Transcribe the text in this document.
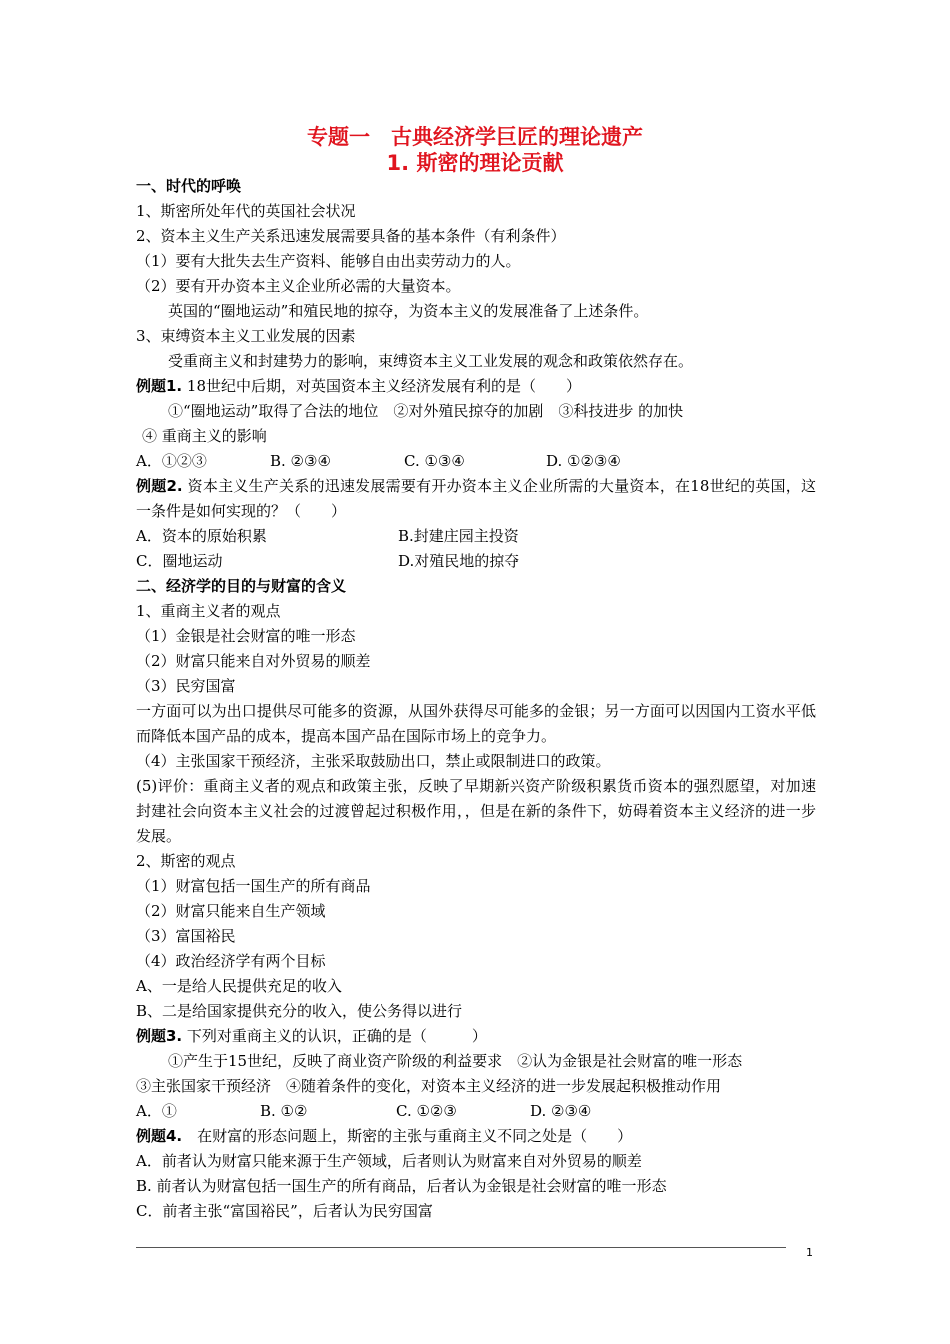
专题一　古典经济学巨匠的理论遗产
1. 斯密的理论贡献
一、时代的呼唤
1、斯密所处年代的英国社会状况
2、资本主义生产关系迅速发展需要具备的基本条件（有利条件）
（1）要有大批失去生产资料、能够自由出卖劳动力的人。
（2）要有开办资本主义企业所必需的大量资本。
英国的“圈地运动”和殖民地的掠夺，为资本主义的发展准备了上述条件。
3、束缚资本主义工业发展的因素
受重商主义和封建势力的影响，束缚资本主义工业发展的观念和政策依然存在。
例题1. 18世纪中后期，对英国资本主义经济发展有利的是（　　）
①“圈地运动”取得了合法的地位　②对外殖民掠夺的加剧　③科技进步 的加快
④ 重商主义的影响
A．①②③	B. ②③④	C. ①③④	D. ①②③④
例题2. 资本主义生产关系的迅速发展需要有开办资本主义企业所需的大量资本，在18世纪的英国，这一条件是如何实现的？（　　）
A．资本的原始积累	B.封建庄园主投资
C．圈地运动	D.对殖民地的掠夺
二、经济学的目的与财富的含义
1、重商主义者的观点
（1）金银是社会财富的唯一形态
（2）财富只能来自对外贸易的顺差
（3）民穷国富
一方面可以为出口提供尽可能多的资源，从国外获得尽可能多的金银；另一方面可以因国内工资水平低而降低本国产品的成本，提高本国产品在国际市场上的竞争力。
（4）主张国家干预经济，主张采取鼓励出口，禁止或限制进口的政策。
(5)评价：重商主义者的观点和政策主张，反映了早期新兴资产阶级积累货币资本的强烈愿望，对加速封建社会向资本主义社会的过渡曾起过积极作用，，但是在新的条件下，妨碍着资本主义经济的进一步发展。
2、斯密的观点
（1）财富包括一国生产的所有商品
（2）财富只能来自生产领域
（3）富国裕民
（4）政治经济学有两个目标
A、一是给人民提供充足的收入
B、二是给国家提供充分的收入，使公务得以进行
例题3. 下列对重商主义的认识，正确的是（　　　）
①产生于15世纪，反映了商业资产阶级的利益要求　②认为金银是社会财富的唯一形态
③主张国家干预经济　④随着条件的变化，对资本主义经济的进一步发展起积极推动作用
A．①	B. ①②	C. ①②③	D. ②③④
例题4.　在财富的形态问题上，斯密的主张与重商主义不同之处是（　　）
A．前者认为财富只能来源于生产领域，后者则认为财富来自对外贸易的顺差
B. 前者认为财富包括一国生产的所有商品，后者认为金银是社会财富的唯一形态
C．前者主张“富国裕民”，后者认为民穷国富
1
